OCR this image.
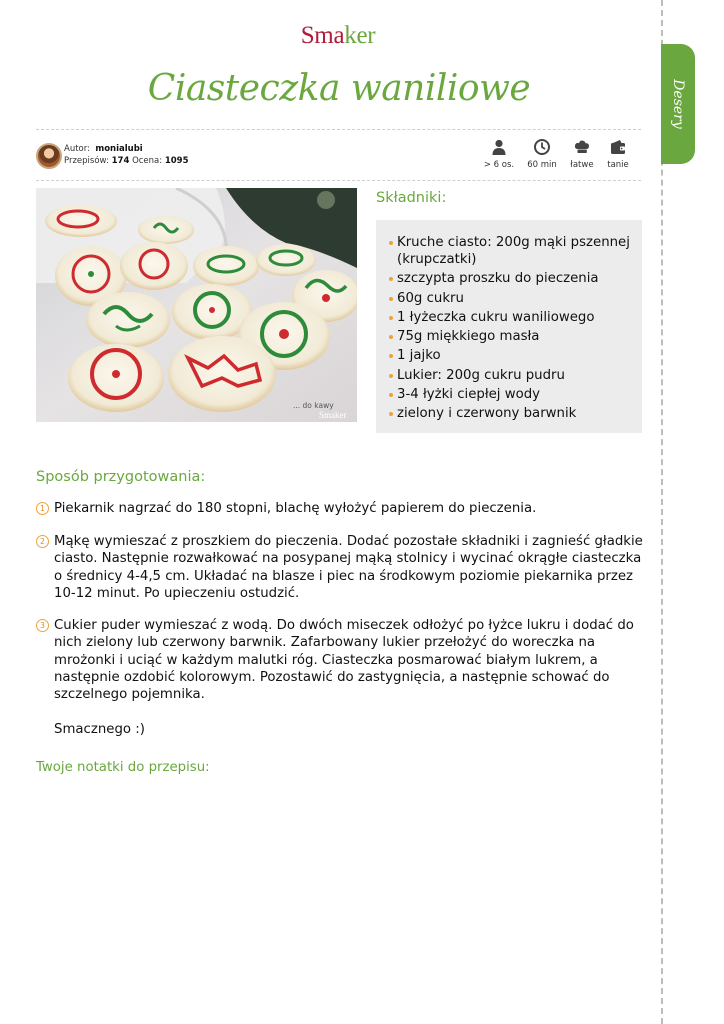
Desery
Smaker
Ciasteczka waniliowe
Autor: monialubi
Przepisów: 174 Ocena: 1095	> 6 os. 60 min łatwe tanie
... do kawy
Smaker
Składniki:
Kruche ciasto: 200g mąki pszennej (krupczatki)
szczypta proszku do pieczenia
60g cukru
1 łyżeczka cukru waniliowego
75g miękkiego masła
1 jajko
Lukier: 200g cukru pudru
3-4 łyżki ciepłej wody
zielony i czerwony barwnik
Sposób przygotowania:
1 Piekarnik nagrzać do 180 stopni, blachę wyłożyć papierem do pieczenia.
2 Mąkę wymieszać z proszkiem do pieczenia. Dodać pozostałe składniki i zagnieść gładkie ciasto. Następnie rozwałkować na posypanej mąką stolnicy i wycinać okrągłe ciasteczka o średnicy 4-4,5 cm. Układać na blasze i piec na środkowym poziomie piekarnika przez 10-12 minut. Po upieczeniu ostudzić.
3 Cukier puder wymieszać z wodą. Do dwóch miseczek odłożyć po łyżce lukru i dodać do nich zielony lub czerwony barwnik. Zafarbowany lukier przełożyć do woreczka na mrożonki i uciąć w każdym malutki róg. Ciasteczka posmarować białym lukrem, a następnie ozdobić kolorowym. Pozostawić do zastygnięcia, a następnie schować do szczelnego pojemnika.
Smacznego :)
Twoje notatki do przepisu:
